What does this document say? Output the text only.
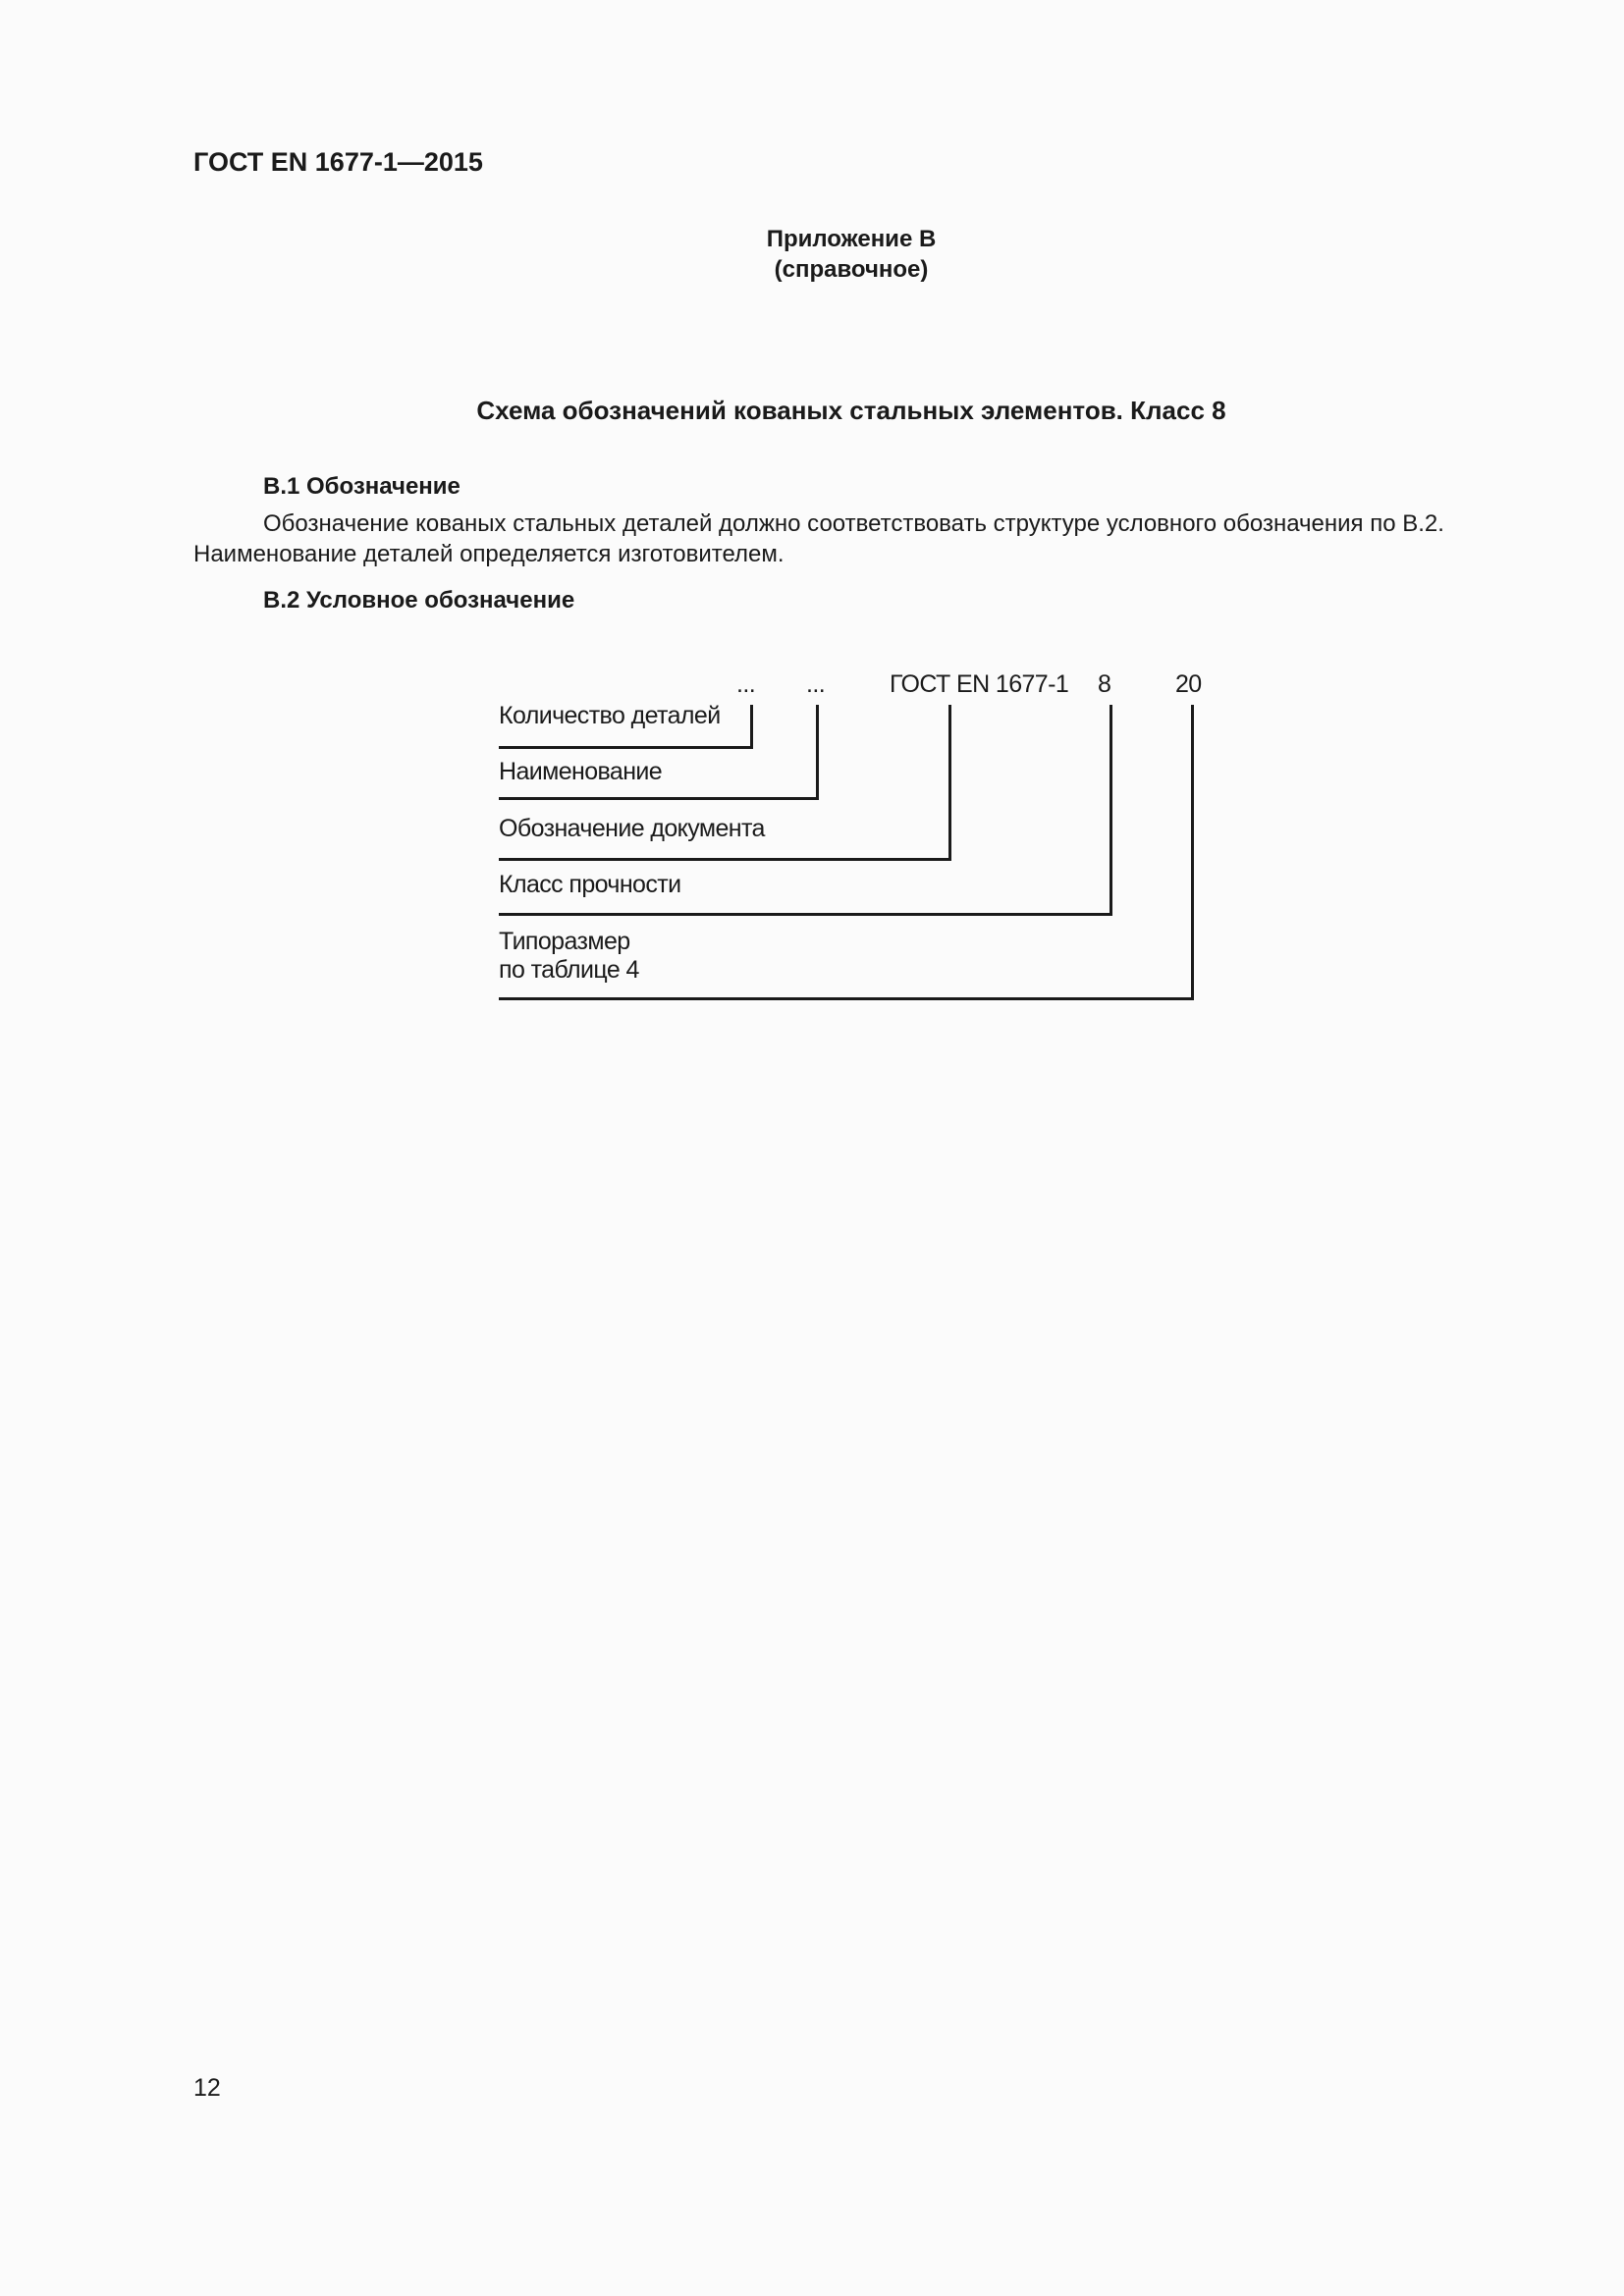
ГОСТ EN 1677-1—2015
Приложение B
(справочное)
Схема обозначений кованых стальных элементов. Класс 8
B.1 Обозначение
Обозначение кованых стальных деталей должно соответствовать структуре условного обозначения по B.2.
Наименование деталей определяется изготовителем.
B.2 Условное обозначение
... ...	ГОСТ EN 1677-1 8	20
Количество деталей
Наименование
Обозначение документа
Класс прочности
Типоразмер
по таблице 4
12
